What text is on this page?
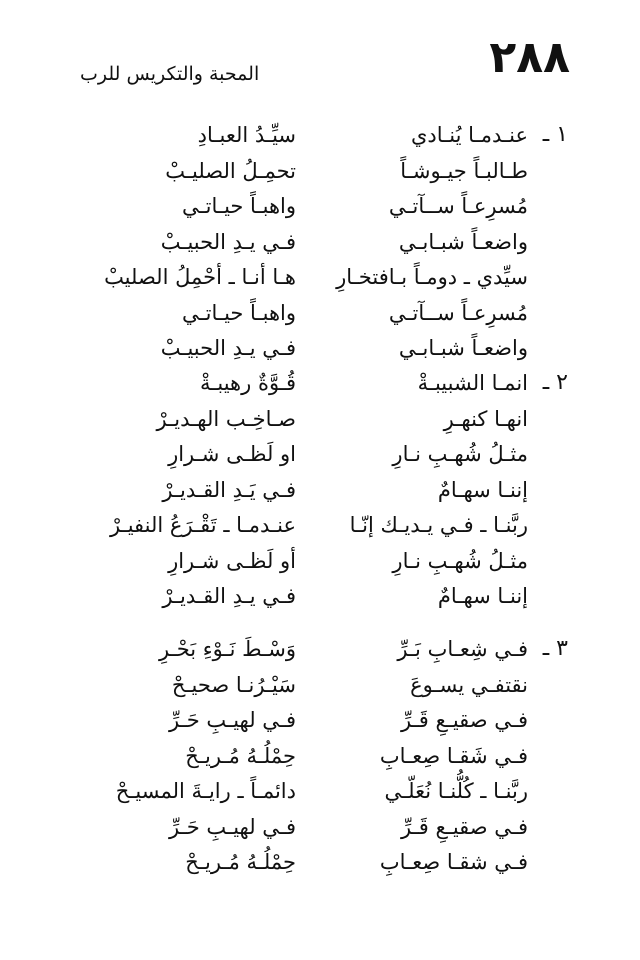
٢٨٨
المحبة والتكريس للرب
١ ـ
عنـدمـا يُنـادي
سيِّـدُ العبـادِ
طـالبـاً جيـوشـاً
تحمِـلُ الصليـبْ
مُسرِعـاً ســآتـي
واهبـاً حيـاتـي
واضعـاً شبـابـي
فـي يـدِ الحبيـبْ
سيِّدي ـ دومـاً بـافتخـارِ
هـا أنـا ـ أحْمِلُ الصليبْ
مُسرِعـاً ســآتـي
واهبـاً حيـاتـي
واضعـاً شبـابـي
فـي يـدِ الحبيـبْ
٢ ـ
انمـا الشبيبـةْ
قُـوَّةٌ رهيبـةْ
انهـا كنهـرِ
صـاخِـب الهـديـرْ
مثـلُ شُهـبِ نـارِ
او لَظـى شـرارِ
إننـا سهـامٌ
فـي يَـدِ القـديـرْ
ربَّنـا ـ فـي يـديـك إنّـا
عنـدمـا ـ تَقْـرَعُ النفيـرْ
مثـلُ شُهـبِ نـارِ
أو لَظـى شـرارِ
إننـا سهـامٌ
فـي يـدِ القـديـرْ
٣ ـ
فـي شِعـابِ بَـرِّ
وَسْـطَ نَـوْءِ بَحْـرِ
نقتفـي يسـوعَ
سَيْـرُنـا صحيـحْ
فـي صقيـعِ قَـرِّ
فـي لهيـبِ حَـرِّ
فـي شَقـا صِعـابِ
حِمْلُـهُ مُـريـحْ
ربَّنـا ـ كُلُّنـا نُعَلّـي
دائمـاً ـ رايـةَ المسيـحْ
فـي صقيـعِ قَـرِّ
فـي لهيـبِ حَـرِّ
فـي شقـا صِعـابِ
حِمْلُـهُ مُـريـحْ
